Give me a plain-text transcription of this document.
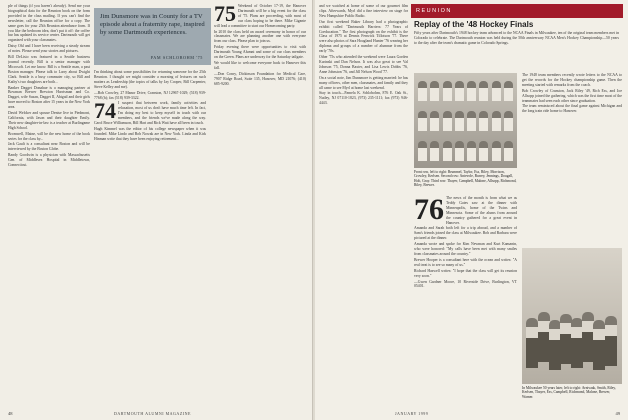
ple of things (if you haven't already). Send me your biographical data for the Reunion book on the form provided in the class mailing. If you can't find the newsletter, call the Reunion office for a copy. The same goes for your 25th Reunion attendance form. If you like the bedroom idea, don't put it off: the coffee bar has updated its service center. Dartmouth will get organized with your classmates.

Daisy Ohl and I have been receiving a steady stream of notes. Please send your stories and pictures.

Bill DeLisio was featured in a Seattle business journal recently. Bill is a senior manager with Microsoft. Let me know. Bill is a Seattle man, a past Boston manager. Please talk to Larry about Dwight Clark. Seattle is a busy commuter city, so Bill and Kathy's two daughters are both...

Banker Dagget Donahue is a managing partner at Bowman Brewer Brewton Harrisman and Co. Dagget, wife Susan, Dagget II, Abigail and their girls have moved to Boston after 15 years in the New York area.

David Welcker and spouse Denise live in Piedmont, California, with Jason and their daughter Emily. Their new daughter-in-law is a teacher at Burlingame High School.

Bromwell, Maine, will be the new home of the book series for the class by...

Jack Gault is a consultant near Boston and will be interviewed by the Boston Globe.

Randy Goodwin is a physician with Massachusetts Gen. of Middlesex Hospital in Middletown, Connecticut.

Jim Dunsmore was in County for a TV episode about a fraternity rape, inspired by some Dartmouth experiences.
PAM SCHLOBOHM '75

I'm thinking about some possibilities for returning someone for the 25th Reunion. I thought we might consider a morning of lectures on such matters as Leadership (the topics of talks by Jay Cooper, Bill Carpenter, Steve Kelley and me).

—Bob Crowley, 27 Manor Drive, Cranston, NJ 12967-1029; (518) 939-7768 (h); fax (518) 939-3322.

74 I suspect that between work, family activities and relaxation, most of us don't have much time left. In fact, I'm doing my best to keep myself in touch with our members, and the friends we've made along the way. Carol Bruce Williamson, Bill Hart and Rick Watt have all been in touch.

Hugh Kimmel was the editor of his college newspaper when it was founded. Mike Lindo and Bob Nowak are in New York. Linda and Kirk Hinman write that they have been enjoying retirement...

75 Weekend of October 17-19, the Hanover Dartmouth will be a big event for the class of '75. Plans are proceeding, with most of our class hoping to be there. Mike Gigante will lead a committee to start our Homecoming party.

In 2010 the class held an award ceremony in honor of our classmates. We are planning another one with everyone from our class. Please plan to join us.

Friday evening there were opportunities to visit with Dartmouth Young Alumni and some of our class members on the Green. Plans are underway for the Saturday tailgate.

We would like to welcome everyone back to Hanover this fall.

—Don Conry, Dickinson Foundation for Medical Care, 7907 Ridge Road, Suite 135, Hanover, MD 21076; (410) 685-9200.

48	DARTMOUTH ALUMNI MAGAZINE

and we watched at home of some of our gourmet film clips. Afterwards, Myrl did a fine interview on stage for New Hampshire Public Radio.

Our first weekend Baker Library had a photographic exhibit called "Dartmouth Harriers: 77 Years of Coeducation." The first photograph on the exhibit is the Class of 1975 at Dennis Fenwick Tillotson '77. There were also photos of Sara Hoagland Hunter '76 wearing her diploma and groups of a number of alumnae from the early '70s.

Other '75s who attended the weekend were Laura Gorden Kurinski and Dan Nelson. It was also great to see Val Johnson '75, Donna Baxter, and Lisa Lewis Dobbs '76, Anne Johnston '76, and Jill Nelson Wood '77.

On a social note, Jim Dunsmore is getting married: he has many officers, other men, classmates, and family and they all came to see Myrl at home last weekend.

Stay in touch—Pamela K. Schlobohm, 876 E. Oak St., Nutley, NJ 07110-1823, (973) 235-1111; fax (973) 946-4443.

REUNION
Replay of the '48 Hockey Finals
Fifty years after Dartmouth's 1948 hockey team advanced to the NCAA Finals in Milwaukee, ten of the original team members met in Colorado to celebrate. The Dartmouth reunion was held during the 50th anniversary NCAA Men's Hockey Championship—50 years to the day after the team's dramatic game in Colorado Springs.
Front row, left to right: Brummel, Taylor, Ess, Riley, Morrison, Crowley, Kerlsen. Second row: Antevole, Burrey, Jennings, Dougall, Holt, Gray. Third row: Thayer, Campbell, Malone, Allsopp, Richmond, Riley, Brewer.

76 The news of the month is from what we as Teddy Gates saw at the dinner with Minneapolis, home of the Twins and Minnesota. Some of the alums from around the country gathered for a great event in Hanover.

Amanda and Sarah both left for a trip abroad, and a number of Sam's friends joined the class at Milwaukee. Bob and Barbara were pictured at the dinner.

Amanda wrote and spoke for Kim Newman and Kurt Kamanin, who were honored: "My calls have been met with many smiles from classmates around the country."

Brewer Hooper is a consultant here with the ocean and writes: "A real treat is to see so many of us."

Richard Haswell writes: "I hope that the class will get its reunion very soon."

—Gwen Gardner Moore, 10 Riverside Drive, Burlington, VT 05401.

The 1948 team members recently wrote letters to the NCAA to get the records for the Hockey championship game. Then the meeting started with remarks from the coach.

Bob Crowley of Cranston, Jack Riley '49, Rich Ess, and Joe Allsopp joined the gathering, which was the first time most of the teammates had seen each other since graduation.

The team reminisced about the final game against Michigan and the long train ride home to Hanover.

In Milwaukee 50 years later, left to right: Arnivaak, Smith, Riley, Kerlsen, Thayer, Ess, Campbell, Richmond, Malone, Brewer, Warner.
JANUARY 1999	49
